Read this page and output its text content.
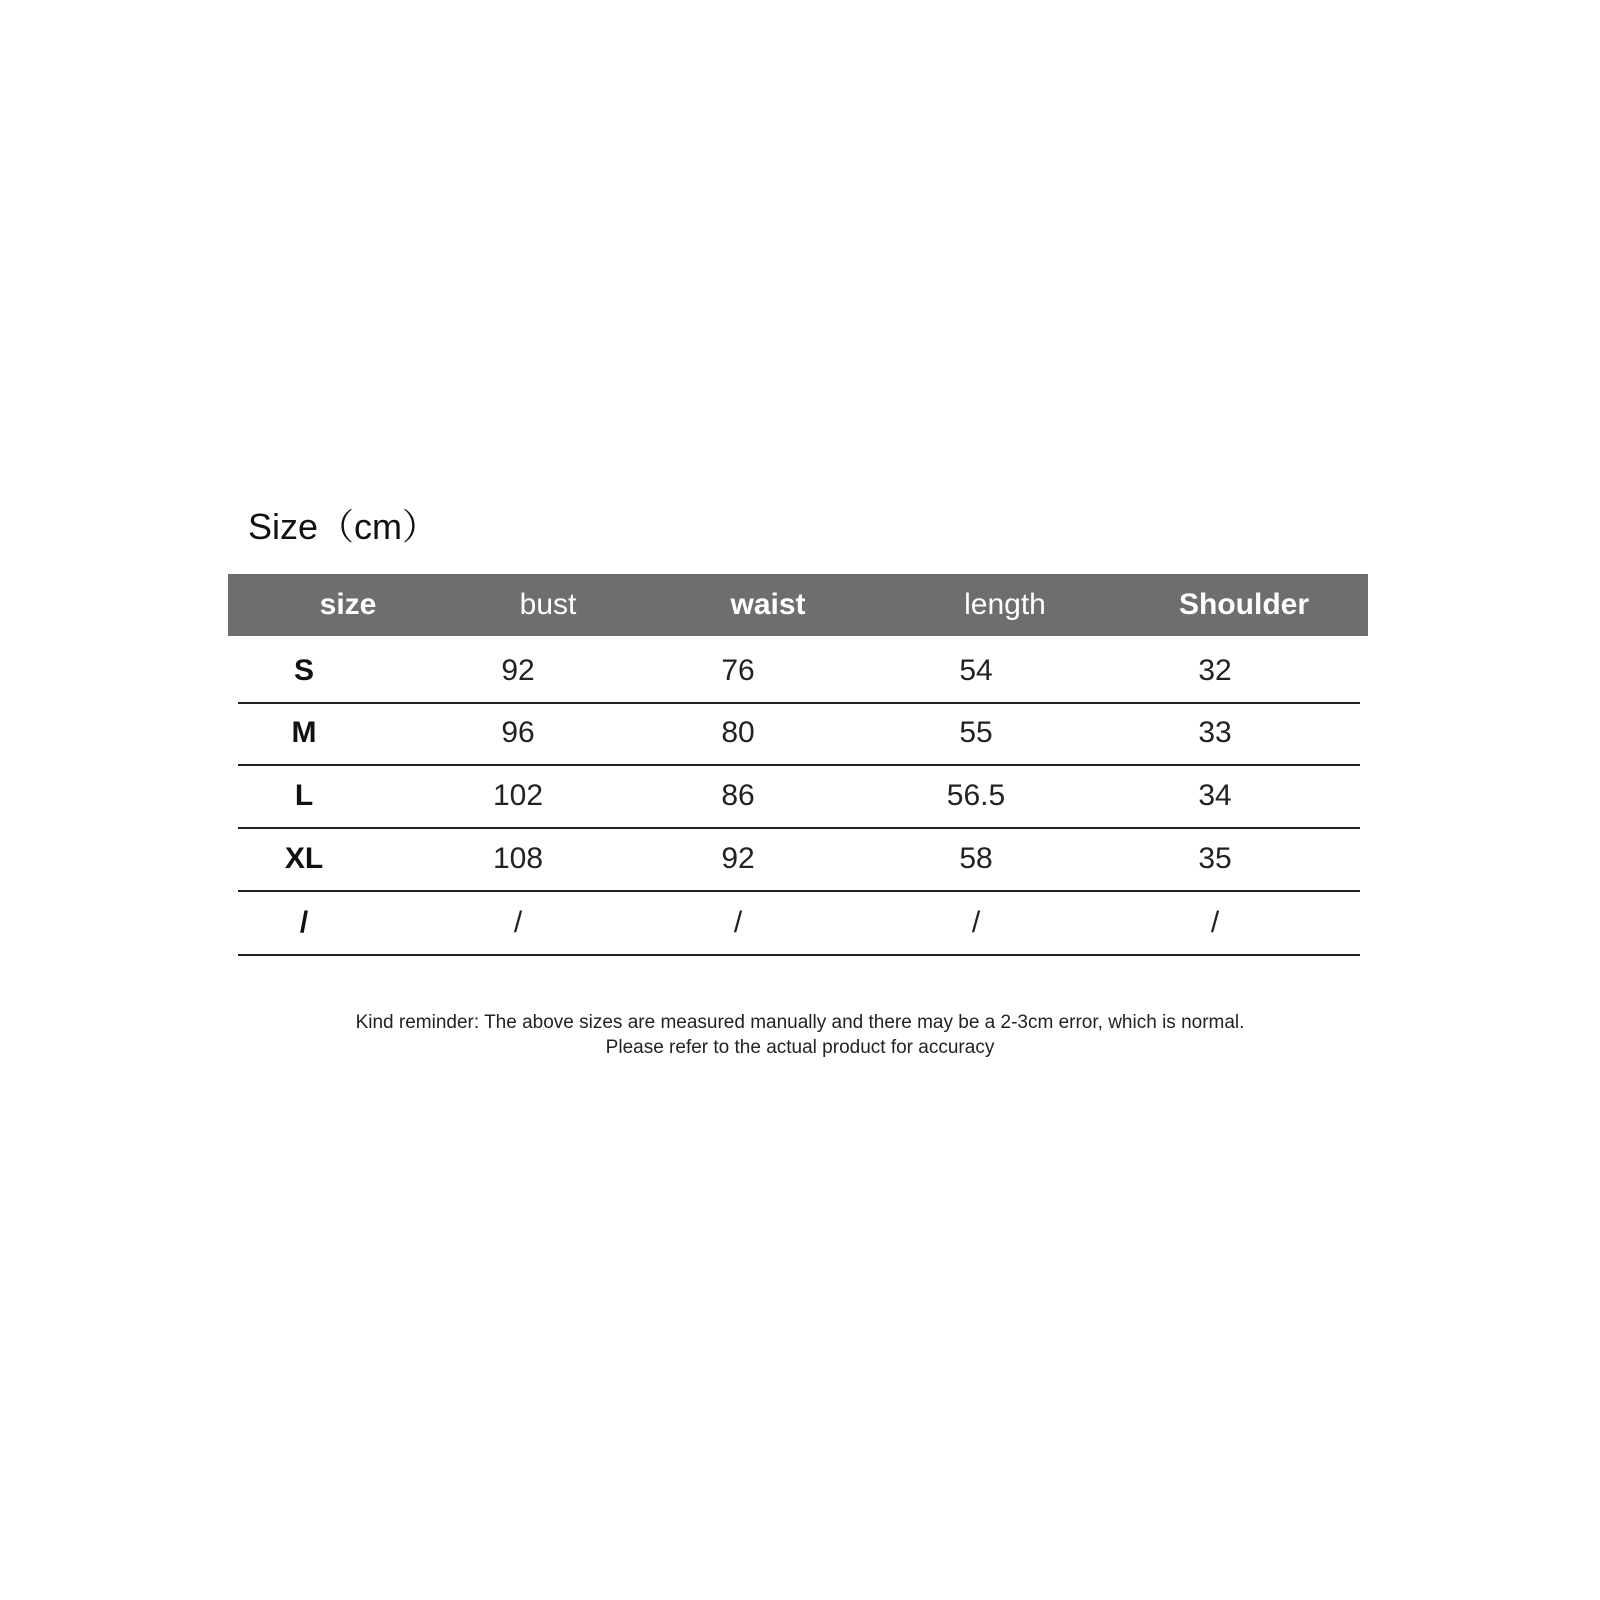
Size（cm）
size	bust	waist	length	Shoulder
S	92	76	54	32
M	96	80	55	33
L	102	86	56.5	34
XL	108	92	58	35
/	/	/	/	/
Kind reminder: The above sizes are measured manually and there may be a 2-3cm error, which is normal.
Please refer to the actual product for accuracy
